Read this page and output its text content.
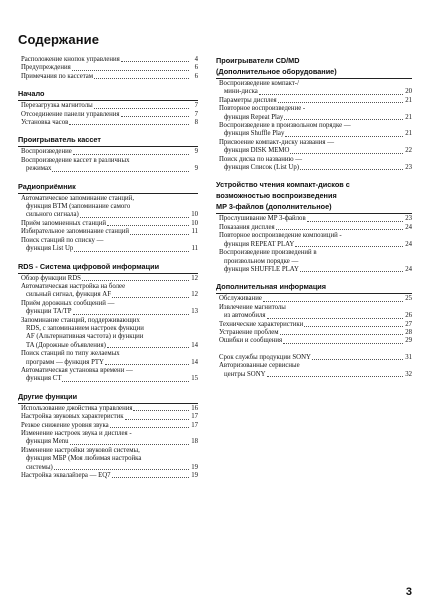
Содержание
Расположение кнопок управления	4
Предупреждения	6
Примечания по кассетам	6
Начало
Перезагрузка магнитолы	7
Отсоединение панели управления	7
Установка часов	8
Проигрыватель кассет
Воспроизведение	9
Воспроизведение кассет в различных
режимах	9
Радиоприёмник
Автоматическое запоминание станций,
функция BTM (запоминание самого
сильного сигнала)	10
Приём запомненных станций	10
Избирательное запоминание станций	11
Поиск станций по списку —
функция List Up	11
RDS - Система цифровой информации
Обзор функции RDS	12
Автоматическая настройка на более
сильный сигнал, функция AF	12
Приём дорожных сообщений —
функции TA/TP	13
Запоминание станций, поддерживающих
RDS, с запоминанием настроек функции
AF (Альтернативная частота) и функции
TA (Дорожные объявления)	14
Поиск станций по типу желаемых
программ — функция PTY	14
Автоматическая установка времени —
функция CT	15
Другие функции
Использование джойстика управления	16
Настройка звуковых характеристик	17
Резкое снижение уровня звука	17
Изменение настроек звука и дисплея -
функция Menu	18
Изменение настройки звуковой системы,
функция MБР (Моя любимая настройка
системы)	19
Настройка эквалайзера — EQ7	19
Проигрыватели CD/MD
(Дополнительное оборудование)
Воспроизведение компакт-/
мини-диска	20
Параметры дисплея	21
Повторное воспроизведение -
функция Repeat Play	21
Воспроизведение в произвольном порядке —
функция Shuffle Play	21
Присвоение компакт-диску названия —
функция DISK MEMO	22
Поиск диска по названию —
функция Список (List Up)	23
Устройство чтения компакт-дисков с
возможностью воспроизведения
MP 3-файлов (дополнительное)
Прослушивание MP 3-файлов	23
Показания дисплея	24
Повторное воспроизведение композиций -
функция REPEAT PLAY	24
Воспроизведение произведений в
произвольном порядке —
функция SHUFFLE PLAY	24
Дополнительная информация
Обслуживание	25
Извлечение магнитолы
из автомобиля	26
Технические характеристики	27
Устранение проблем	28
Ошибки и сообщения	29
Срок службы продукции SONY	31
Авторизованные сервисные
центры SONY	32
3
